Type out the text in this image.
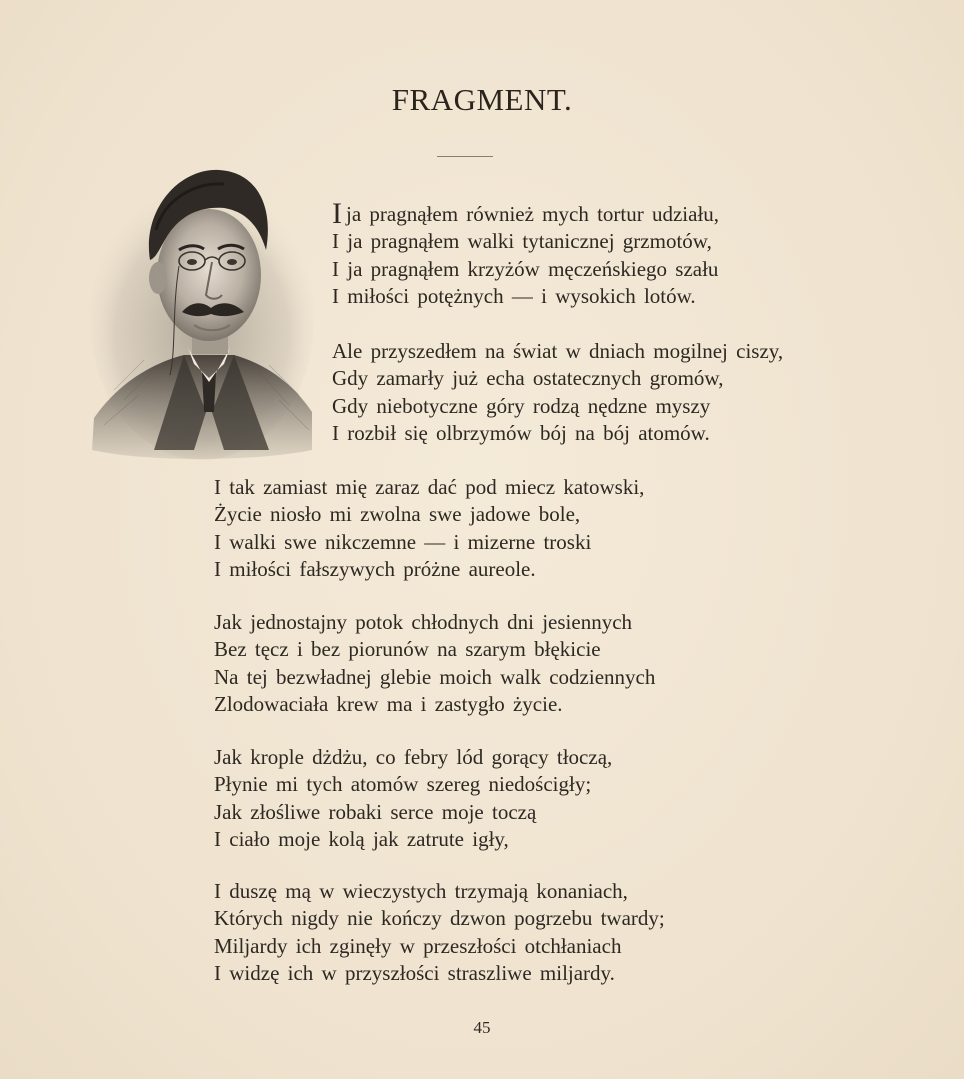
FRAGMENT.
I ja pragnąłem również mych tortur udziału,
I ja pragnąłem walki tytanicznej grzmotów,
I ja pragnąłem krzyżów męczeńskiego szału
I miłości potężnych — i wysokich lotów.
Ale przyszedłem na świat w dniach mogilnej ciszy,
Gdy zamarły już echa ostatecznych gromów,
Gdy niebotyczne góry rodzą nędzne myszy
I rozbił się olbrzymów bój na bój atomów.
I tak zamiast mię zaraz dać pod miecz katowski,
Życie niosło mi zwolna swe jadowe bole,
I walki swe nikczemne — i mizerne troski
I miłości fałszywych próżne aureole.
Jak jednostajny potok chłodnych dni jesiennych
Bez tęcz i bez piorunów na szarym błękicie
Na tej bezwładnej glebie moich walk codziennych
Zlodowaciała krew ma i zastygło życie.
Jak krople dżdżu, co febry lód gorący tłoczą,
Płynie mi tych atomów szereg niedościgły;
Jak złośliwe robaki serce moje toczą
I ciało moje kolą jak zatrute igły,
I duszę mą w wieczystych trzymają konaniach,
Których nigdy nie kończy dzwon pogrzebu twardy;
Miljardy ich zginęły w przeszłości otchłaniach
I widzę ich w przyszłości straszliwe miljardy.
45
